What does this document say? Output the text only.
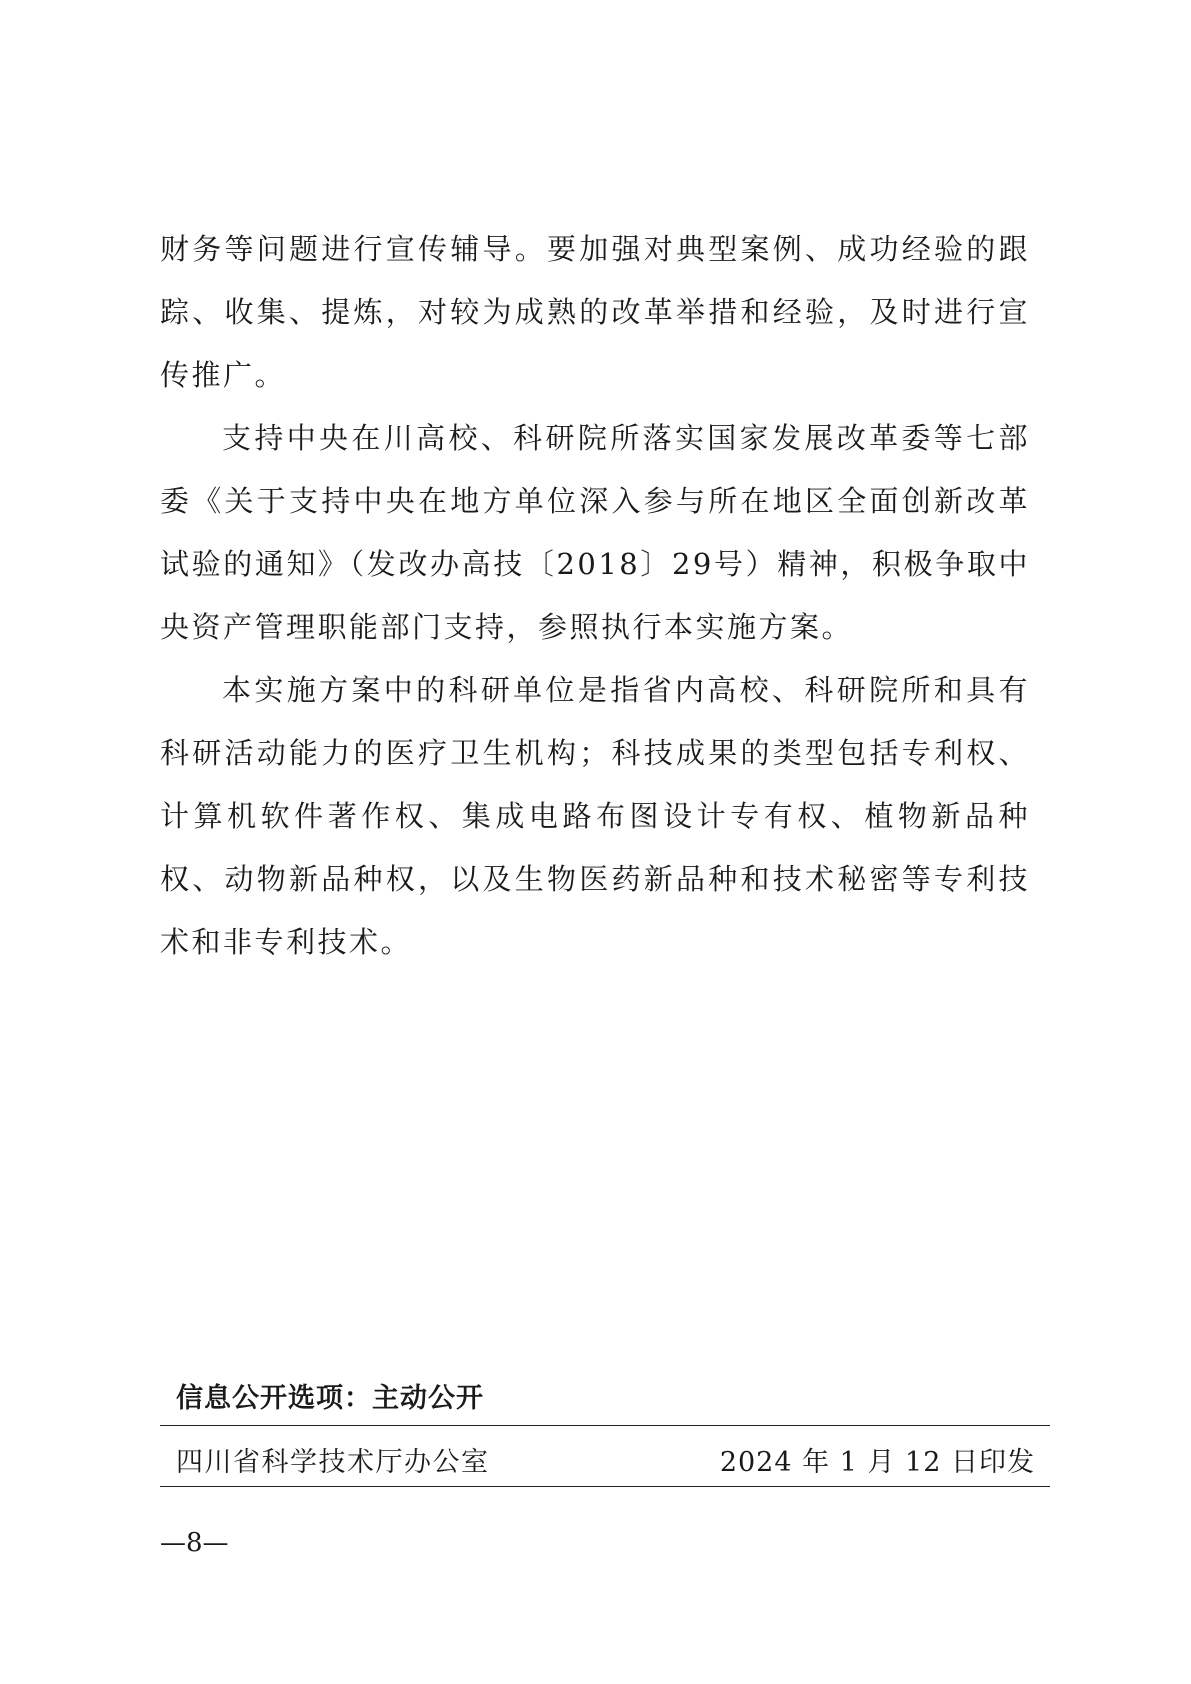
财务等问题进行宣传辅导。要加强对典型案例、成功经验的跟踪、收集、提炼，对较为成熟的改革举措和经验，及时进行宣传推广。

支持中央在川高校、科研院所落实国家发展改革委等七部委《关于支持中央在地方单位深入参与所在地区全面创新改革试验的通知》（发改办高技〔2018〕29号）精神，积极争取中央资产管理职能部门支持，参照执行本实施方案。

本实施方案中的科研单位是指省内高校、科研院所和具有科研活动能力的医疗卫生机构；科技成果的类型包括专利权、计算机软件著作权、集成电路布图设计专有权、植物新品种权、动物新品种权，以及生物医药新品种和技术秘密等专利技术和非专利技术。

信息公开选项：主动公开
四川省科学技术厅办公室	2024 年 1 月 12 日印发
—8—
